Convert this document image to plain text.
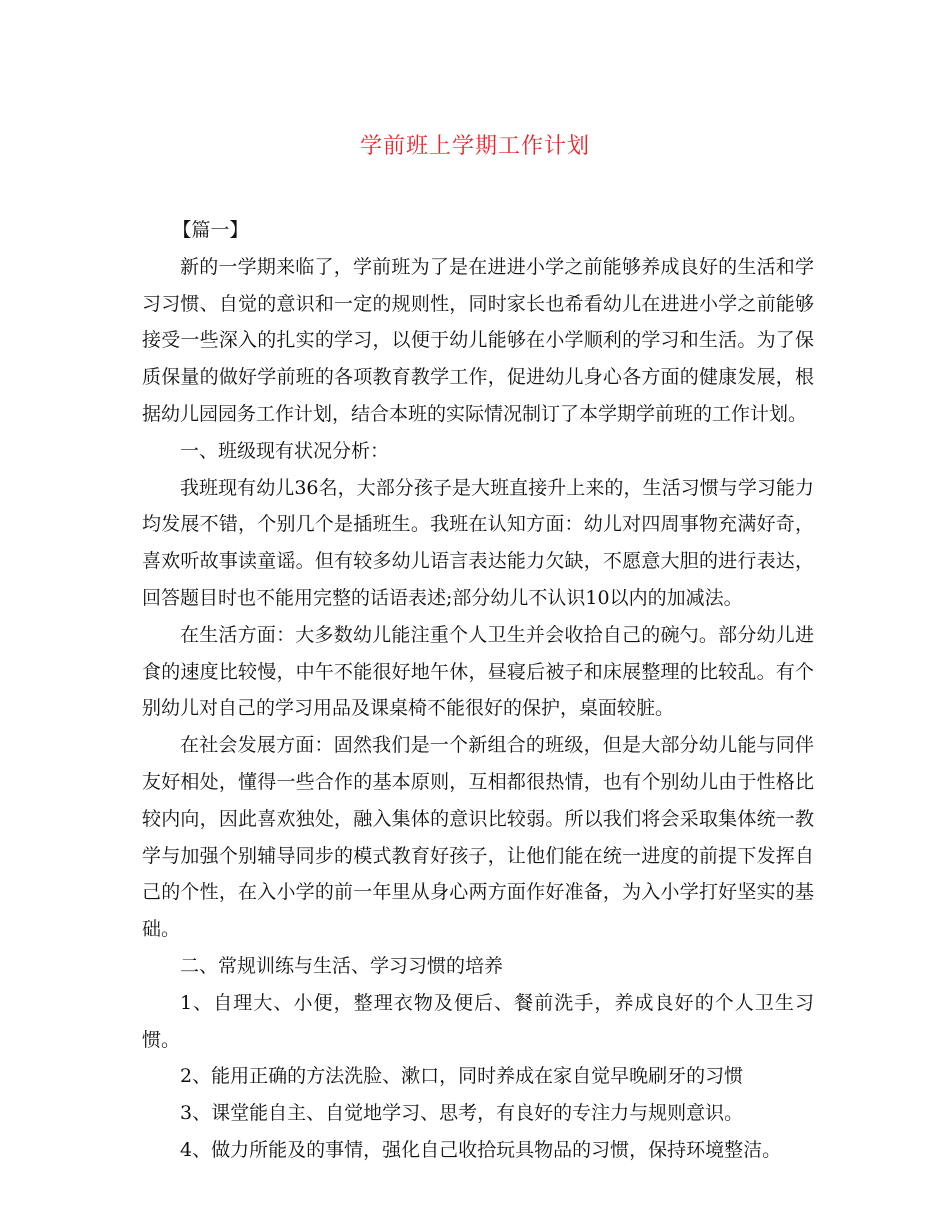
学前班上学期工作计划

【篇一】

新的一学期来临了，学前班为了是在进进小学之前能够养成良好的生活和学习习惯、自觉的意识和一定的规则性，同时家长也希看幼儿在进进小学之前能够接受一些深入的扎实的学习，以便于幼儿能够在小学顺利的学习和生活。为了保质保量的做好学前班的各项教育教学工作，促进幼儿身心各方面的健康发展，根据幼儿园园务工作计划，结合本班的实际情况制订了本学期学前班的工作计划。

一、班级现有状况分析：

我班现有幼儿36名，大部分孩子是大班直接升上来的，生活习惯与学习能力均发展不错，个别几个是插班生。我班在认知方面：幼儿对四周事物充满好奇，喜欢听故事读童谣。但有较多幼儿语言表达能力欠缺，不愿意大胆的进行表达，回答题目时也不能用完整的话语表述;部分幼儿不认识10以内的加减法。

在生活方面：大多数幼儿能注重个人卫生并会收拾自己的碗勺。部分幼儿进食的速度比较慢，中午不能很好地午休，昼寝后被子和床展整理的比较乱。有个别幼儿对自己的学习用品及课桌椅不能很好的保护，桌面较脏。

在社会发展方面：固然我们是一个新组合的班级，但是大部分幼儿能与同伴友好相处，懂得一些合作的基本原则，互相都很热情，也有个别幼儿由于性格比较内向，因此喜欢独处，融入集体的意识比较弱。所以我们将会采取集体统一教学与加强个别辅导同步的模式教育好孩子，让他们能在统一进度的前提下发挥自己的个性，在入小学的前一年里从身心两方面作好准备，为入小学打好坚实的基础。

二、常规训练与生活、学习习惯的培养

1、自理大、小便，整理衣物及便后、餐前洗手，养成良好的个人卫生习惯。

2、能用正确的方法洗脸、漱口，同时养成在家自觉早晚刷牙的习惯

3、课堂能自主、自觉地学习、思考，有良好的专注力与规则意识。

4、做力所能及的事情，强化自己收拾玩具物品的习惯，保持环境整洁。
